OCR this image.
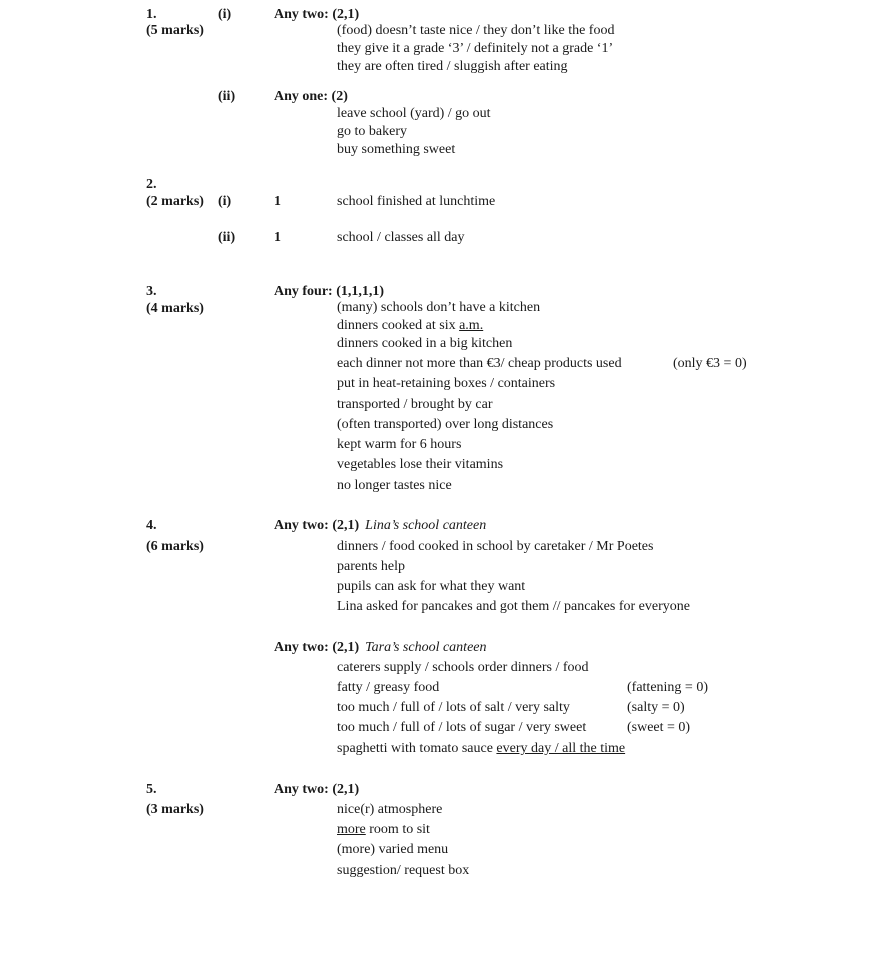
1.
(5 marks)
(i)	Any two: (2,1)
(food) doesn’t taste nice / they don’t like the food
they give it a grade ‘3’ / definitely not a grade ‘1’
they are often tired / sluggish after eating
(ii)	Any one: (2)
leave school (yard) / go out
go to bakery
buy something sweet
2.
(2 marks) (i)	1	school finished at lunchtime
(ii)	1	school / classes all day
3.
(4 marks)
Any four: (1,1,1,1)
(many) schools don’t have a kitchen
dinners cooked at six a.m.
dinners cooked in a big kitchen
each dinner not more than €3/ cheap products used	(only €3 = 0)
put in heat-retaining boxes / containers
transported / brought by car
(often transported) over long distances
kept warm for 6 hours
vegetables lose their vitamins
no longer tastes nice
4.
(6 marks)
Any two: (2,1) Lina’s school canteen
dinners / food cooked in school by caretaker / Mr Poetes
parents help
pupils can ask for what they want
Lina asked for pancakes and got them // pancakes for everyone
Any two: (2,1) Tara’s school canteen
caterers supply / schools order dinners / food
fatty / greasy food	(fattening = 0)
too much / full of / lots of salt / very salty	(salty = 0)
too much / full of / lots of sugar / very sweet	(sweet = 0)
spaghetti with tomato sauce every day / all the time
5.
(3 marks)
Any two: (2,1)
nice(r) atmosphere
more room to sit
(more) varied menu
suggestion/ request box
